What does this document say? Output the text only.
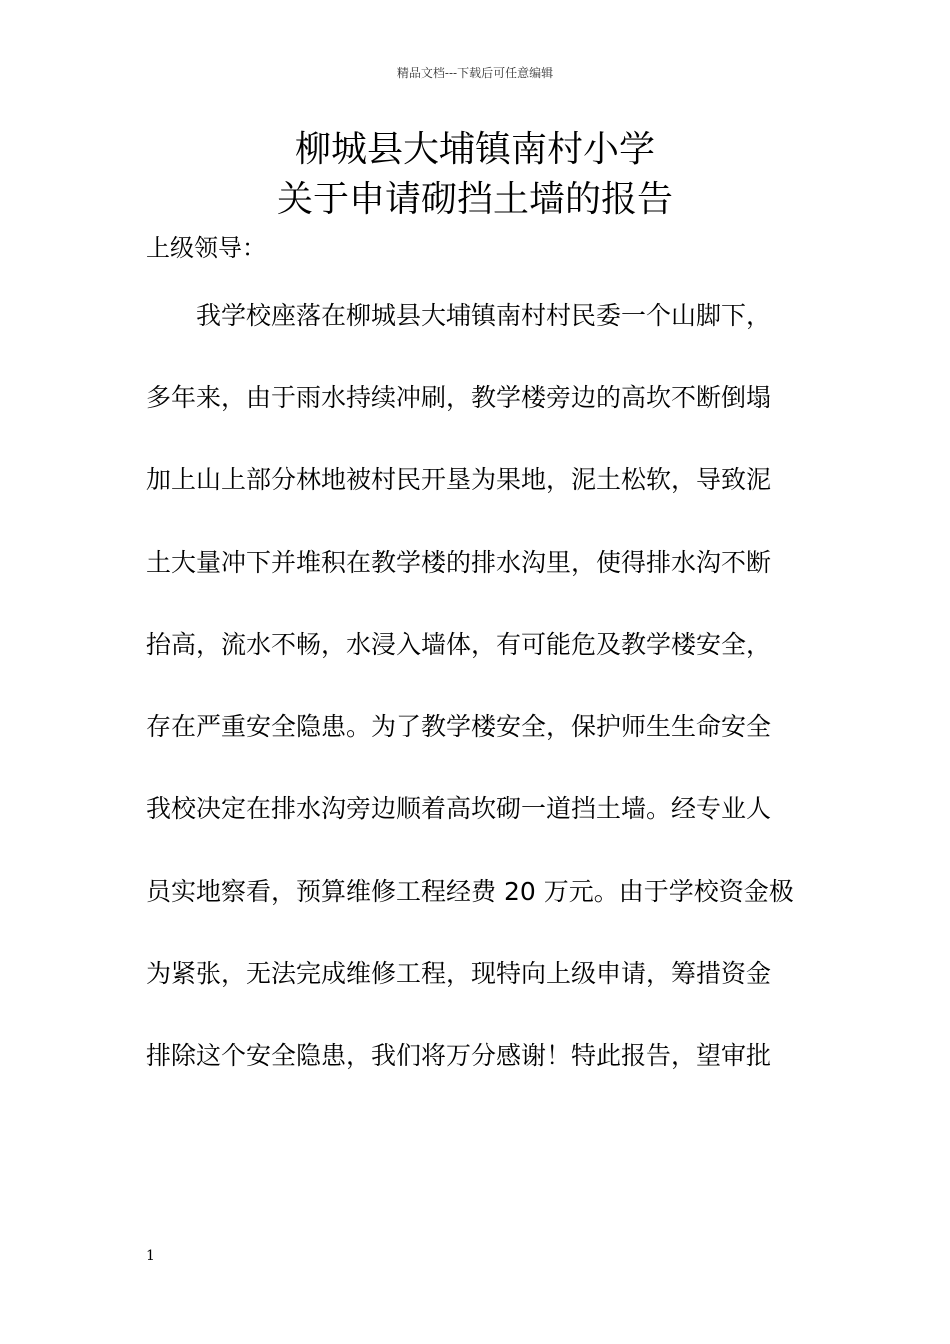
精品文档---下载后可任意编辑
柳城县大埔镇南村小学
关于申请砌挡土墙的报告
上级领导：
我学校座落在柳城县大埔镇南村村民委一个山脚下，
多年来，由于雨水持续冲刷，教学楼旁边的高坎不断倒塌
加上山上部分林地被村民开垦为果地，泥土松软，导致泥
土大量冲下并堆积在教学楼的排水沟里，使得排水沟不断
抬高，流水不畅，水浸入墙体，有可能危及教学楼安全，
存在严重安全隐患。为了教学楼安全，保护师生生命安全
我校决定在排水沟旁边顺着高坎砌一道挡土墙。经专业人
员实地察看，预算维修工程经费 20 万元。由于学校资金极
为紧张，无法完成维修工程，现特向上级申请，筹措资金
排除这个安全隐患，我们将万分感谢！特此报告，望审批
1
